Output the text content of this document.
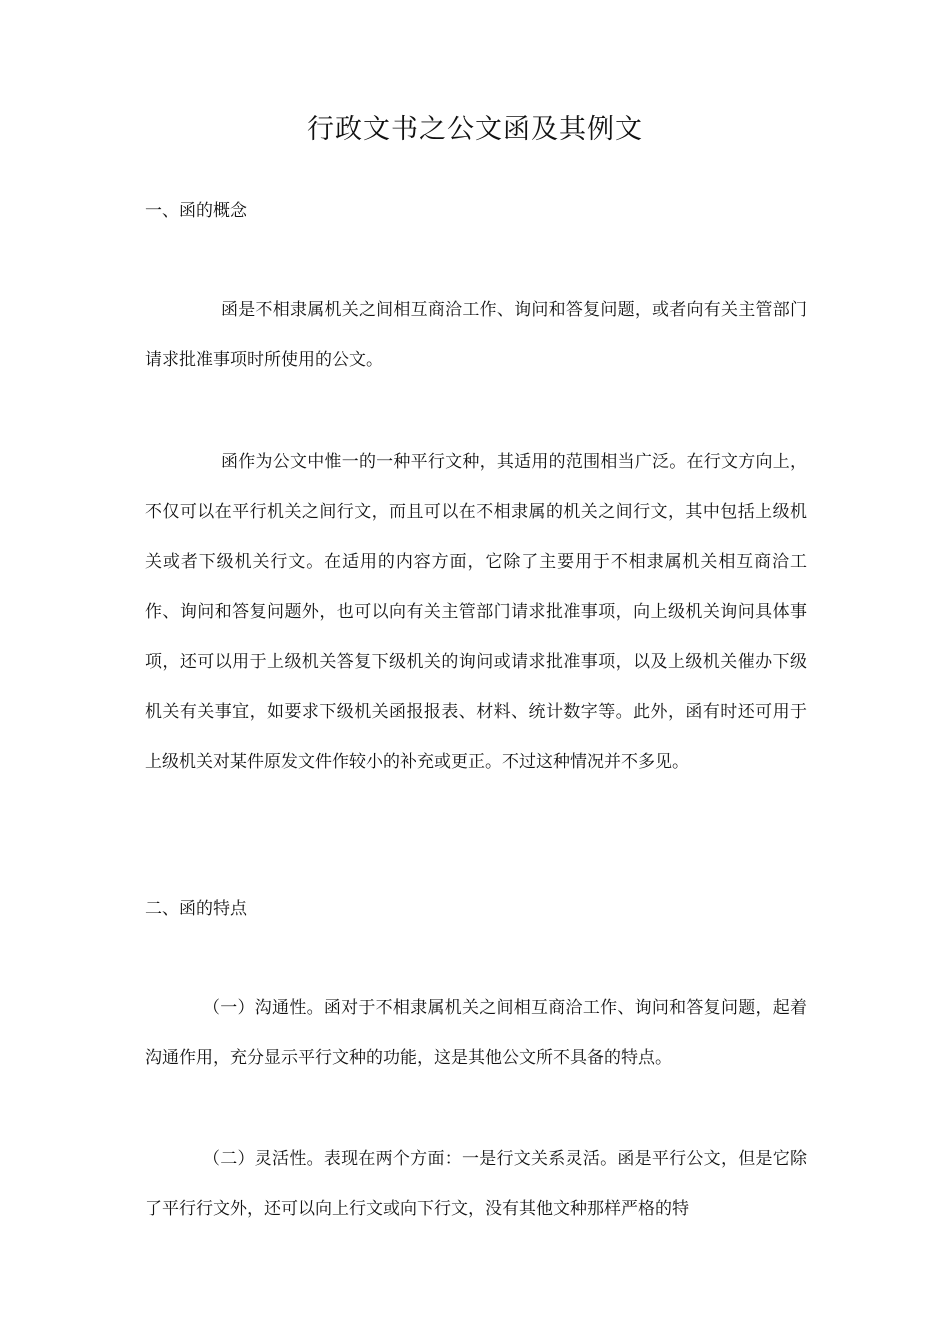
行政文书之公文函及其例文
一、函的概念

函是不相隶属机关之间相互商洽工作、询问和答复问题，或者向有关主管部门请求批准事项时所使用的公文。

函作为公文中惟一的一种平行文种，其适用的范围相当广泛。在行文方向上，不仅可以在平行机关之间行文，而且可以在不相隶属的机关之间行文，其中包括上级机关或者下级机关行文。在适用的内容方面，它除了主要用于不相隶属机关相互商洽工作、询问和答复问题外，也可以向有关主管部门请求批准事项，向上级机关询问具体事项，还可以用于上级机关答复下级机关的询问或请求批准事项，以及上级机关催办下级机关有关事宜，如要求下级机关函报报表、材料、统计数字等。此外，函有时还可用于上级机关对某件原发文件作较小的补充或更正。不过这种情况并不多见。

二、函的特点

（一）沟通性。函对于不相隶属机关之间相互商洽工作、询问和答复问题，起着沟通作用，充分显示平行文种的功能，这是其他公文所不具备的特点。

（二）灵活性。表现在两个方面：一是行文关系灵活。函是平行公文，但是它除了平行行文外，还可以向上行文或向下行文，没有其他文种那样严格的特
